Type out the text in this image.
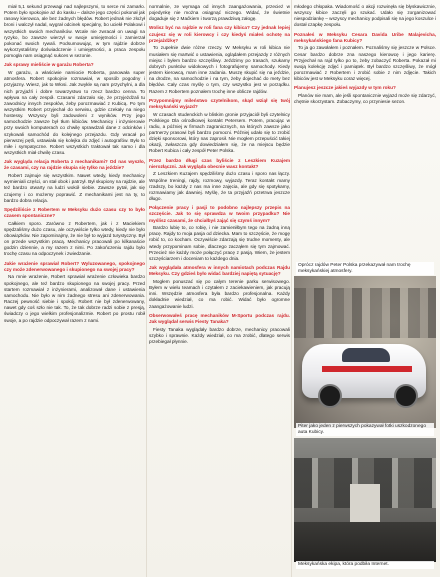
miał 5,1 sekund przewagi nad najlepszymi, to serce mi zamarło. Potem było spokojnie aż do kasku – dalsze jego części pokonał jak rasowy kierowca, ale bez żadnych błędów. Robert jednak nie złożył broni i walczył nadal, wygrał odcinek specjalny, bo uciekł Polakowi i wszystkich swoich mechaników. Wcale nie zwracał on uwagi na ryzyko, bo zawsze wierzył w swoje umiejętności i zamierzał pokonać swoich rywali. Podsumowując, w tym rajdzie dobrze wykorzystaliśmy doświadczenie i umiejętności, a praca zespołu pomogła nam osiągnąć sukces w sezonie.

Jak sprawy mieliście w garażu Roberta?

W garażu, a właściwie namiocie Roberta, panowała super atmosfera. Robert spokojnie rozmawiał, w sposób pogodny i przyjazny. Wiesz, jak to Włosi. Jak zwykle są nam przychylni, a dla nich przyjaźń i dobre towarzystwo to rzecz bardzo cenna. To wpływa na cały zespół. Czasami zdarzało się, że przyjeżdżali tu zawodnicy innych zespołów, żeby porozmawiać z Kubicą. Po tym wszystkim Robert przyjechał do serwisu, gdzie czekały na niego hostessy. Wszyscy byli zadowoleni z wyników. Przy jego samochodzie zawsze był tłum kibiców. Mechanicy i inżynierowie przy swoich komputerach co chwilę sprawdzali dane z odcinków i szykowali samochód do kolejnego przejazdu. Gdy wracał po pierwszej pętli, ustawiała się kolejka do zdjęć i autografów. Było to miłe i sympatyczne. Robert wszystkich traktował tak samo i dla wszystkich miał chwilę czasu.

Jak wygląda relacja Roberta z mechanikami? Od nas wyszło, że czasami, czy na rajdzie skupia się tylko na jeździe?

Robert zajmuje się wszystkim. Nawet wtedy, kiedy mechanicy wymieniali części, on stał obok i patrzył. Był skupiony na rajdzie, ale też bardzo otwarty na ludzi wokół siebie. Zawsze pytał, jak się czujemy i co możemy poprawić. Z mechanikami jest na ty, to bardzo dobra relacja.

Spędziliście z Robertem w Meksyku dużo czasu czy to było czasem spontaniczne?

Całkiem sporo. Zarówno z Robertem, jak i z Maciekiem spędzaliśmy dużo czasu, ale oczywiście tylko wtedy, kiedy nie było obowiązków. Nie zapominajmy, że nie był to wyjazd turystyczny. Był on przede wszystkim pracą. Mechanicy pracowali po kilkanaście godzin dziennie, a my razem z nimi. Po zakończeniu rajdu było trochę czasu na odpoczynek i zwiedzanie.

Jakie wrażenie sprawiał Robert? Wyluzowanego, spokojnego czy może zdenerwowanego i skupionego na swojej pracy?

Na mnie wrażenie, Robert sprawiał wrażenie człowieka bardzo spokojnego, ale też bardzo skupionego na swojej pracy. Przed startem rozmawiał z inżynierami, analizował dane i ustawienia samochodu. Nie było w nim żadnego stresu ani zdenerwowania. Raczej pewność siebie i spokój. Robert nie był zdenerwowany, nawet gdy coś szło nie tak. To, że tak dobrze radzi sobie z presją, świadczy o jego wielkim profesjonalizmie. Robert po prostu robił swoje, a po rajdzie odpoczywał razem z nami.

normalnie, ze wymaga od innych zaangażowania, przecież w pojedynkę nie można osiągnąć niczego. Widać, że świetnie dogaduje się z Maćkiem i tworzą prawdziwą załogę.

Wolisz być na rajdzie w roli fana czy kibica? Czy jednak lepiej czujesz się w roli kierowcy i czy kiedyś miałeś ochotę na przejażdżkę?

To zupełnie dwie różne rzeczy. W Meksyku w roli kibica nie musiałem się martwić o ustawienia, oglądałem przejazdy z różnych miejsc i byłem bardzo szczęśliwy. Jeździmy po trasach, szukamy dobrych punktów widokowych i fotografujemy samochody. Kiedy jestem kierowcą, mam inne zadania. Muszę skupić się na jeździe, na drodze, na samochodzie i na tym, żeby dojechać do mety bez błędów. Cały czas myślę o tym, czy wszystko jest w porządku. Razem z Robertem poznałem trochę inne oblicze rajdów.

Przypomnijmy mileństwo czytelnikom, skąd wziął się twój meksykański wyjazd?

W czasach studenckich w bliskim gronie przyjaciół byli czytelnicy Polskiego Dla ośrodkowej kontakt Petersem. Potem, pracując w radiu, a później w firmach zagranicznych, na których zawsze jako partnerzy prasowi byli bardzo pomocni. Później udało się to zrobić dzięki sponsorowi, który nas zaprosił. Nie mogłem przepuścić takiej okazji, zwłaszcza gdy dowiedziałem się, że na miejscu będzie Robert Kubica i cały zespół Peter Polska.

Przez bardzo długi czas byliście z Leszkiem Kuzajem nierozłączni. Jak wygląda obecnie wasz kontakt?

Z Leszkiem Kuzajem spędziliśmy dużo czasu i sporo nas łączy. Wspólne treningi, rajdy, rozmowy, wyjazdy. Teraz kontakt mamy rzadszy, bo każdy z nas ma inne zajęcia, ale gdy się spotykamy, rozmawiamy jak dawniej. Myślę, że ta przyjaźń przetrwa jeszcze długo.

Połączenie pracy i pasji to podobno najlepszy przepis na szczęście. Jak to się sprawdza w twoim przypadku? Nie myślisz czasami, że chciałbyś zająć się czymś innym?

Bardzo lubię to, co robię, i nie zamieniłbym tego na żadną inną pracę. Rajdy to moja pasja od dziecka. Mam to szczęście, że mogę robić to, co kocham. Oczywiście zdarzają się trudne momenty, ale wtedy przypominam sobie, dlaczego zacząłem się tym zajmować. Przecież nie każdy może połączyć pracę z pasją. Wiem, że jestem szczęściarzem i doceniam to każdego dnia.

Jak wyglądała atmosfera w innych namiotach podczas Rajdu Meksyku. Czy gdzieś było widać bardziej napiętą sytuację?

Mogłem ponuszać się po całym terenie parku serwisowego. Byłem w wielu teamach i czytałem z zaciekawieniem, jak pracują inni. Wszędzie atmosfera była bardzo profesjonalna. Każdy dokładnie wiedział, co ma robić. Widać było ogromne zaangażowanie ludzi.

Obserwowałeś pracę mechaników M-Sportu podczas rajdu. Jak wyglądał serwis Fiesty Tanaka?

Fiesty Tanaka wyglądały bardzo dobrze, mechanicy pracowali szybko i sprawnie. Każdy wiedział, co ma zrobić, dlatego serwis przebiegał płynnie.

młodego chłopaka. Wiadomość o akcji rozwinęła się błyskawicznie, wszyscy kibice zaczęli go szukać. Udało się zorganizować niespodziankę – wszyscy mechanicy podpisali się na jego koszulce i dostał czapkę zespołu.

Poznałeś w Meksyku Cesara Davida Uribe Malajevicha, meksykańskiego fana Kubicy?

To ja go zawołałem i poznałem. Poznaliśmy się jeszcze w Polsce. Cesar bardzo dobrze zna naszego kierowcę i jego karierę. Przyjechał na rajd tylko po to, żeby zobaczyć Roberta. Pokazał mi swoją kolekcję zdjęć i pamiątek. Był bardzo szczęśliwy, że mógł porozmawiać z Robertem i zrobić sobie z nim zdjęcie. Takich kibiców jest w Meksyku coraz więcej.

Planujesz jeszcze jakieś wyjazdy w tym roku?

Planów nie mam, ale jeśli spontanicznie wyjazd może się zdarzyć, chętnie skorzystam. Zobaczymy, co przyniesie sezon.

Oprócz rajdów Peter Polska przekazywał nam trochę meksykańskiej atmosfery.
Piter jako jeden z pierwszych pokazywał fotki uszkodzonego auta Kubicy.
Meksykańska ekipa, która podbiła Internet.
